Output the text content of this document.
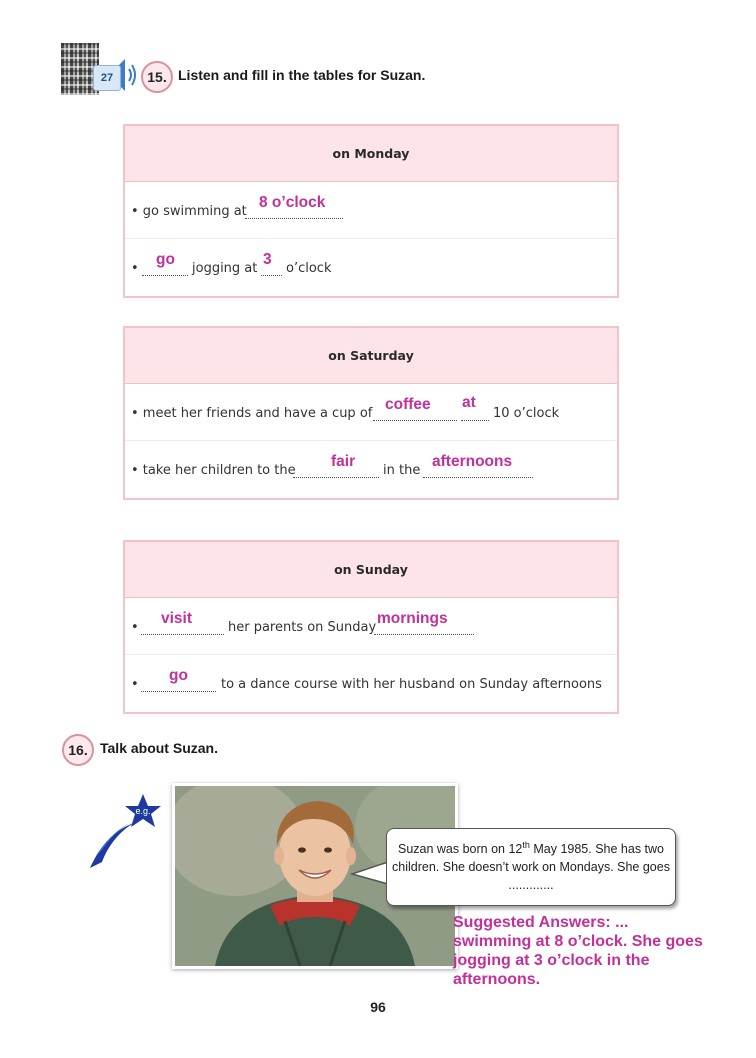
27	15. Listen and fill in the tables for Suzan.
on Monday
• go swimming at
8 o’clock
•
go
jogging at
3
o’clock
on Saturday
• meet her friends and have a cup of
coffee at
10 o’clock
• take her children to the
fair
in the
afternoons
on Sunday
•
visit
her parents on Sunday
mornings
•
go
to a dance course with her husband on Sunday afternoons
16. Talk about Suzan.
e.g.
Suzan was born on 12th May 1985. She has two children. She doesn’t work on Mondays. She goes .............
Suggested Answers: ... swimming at 8 o’clock. She goes jogging at 3 o’clock in the afternoons.
96
